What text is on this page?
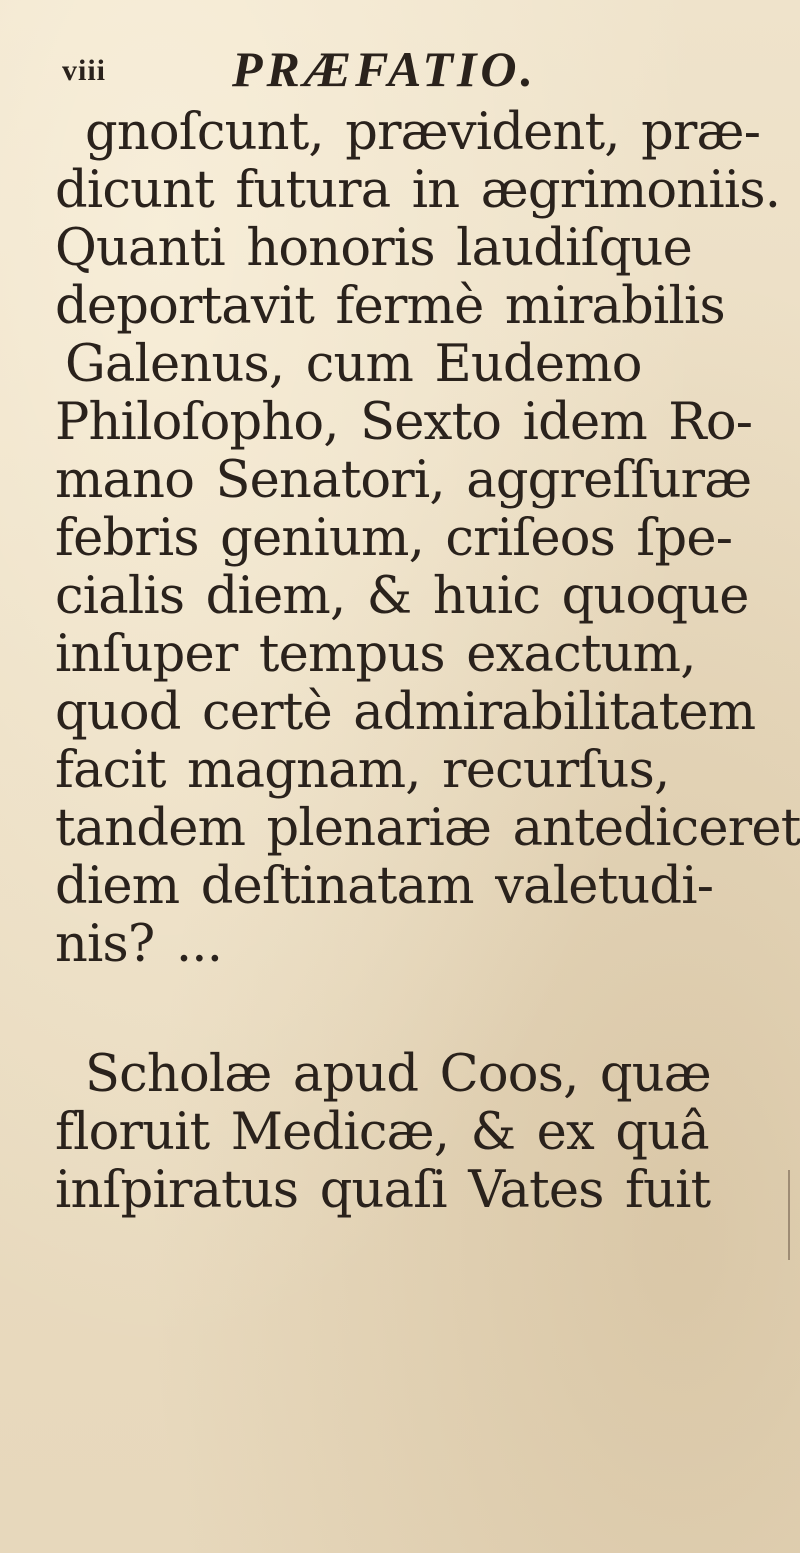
viii	PRÆFATIO.
gnoſcunt, prævident, præ-
dicunt futura in ægrimoniis.
Quanti honoris laudiſque
deportavit fermè mirabilis
Galenus, cum Eudemo
Philoſopho, Sexto idem Ro-
mano Senatori, aggreſſuræ
febris genium, criſeos ſpe-
cialis diem, & huic quoque
inſuper tempus exactum,
quod certè admirabilitatem
facit magnam, recurſus,
tandem plenariæ antediceret
diem deſtinatam valetudi-
nis? ...
Scholæ apud Coos, quæ
floruit Medicæ, & ex quâ
inſpiratus quaſi Vates fuit
